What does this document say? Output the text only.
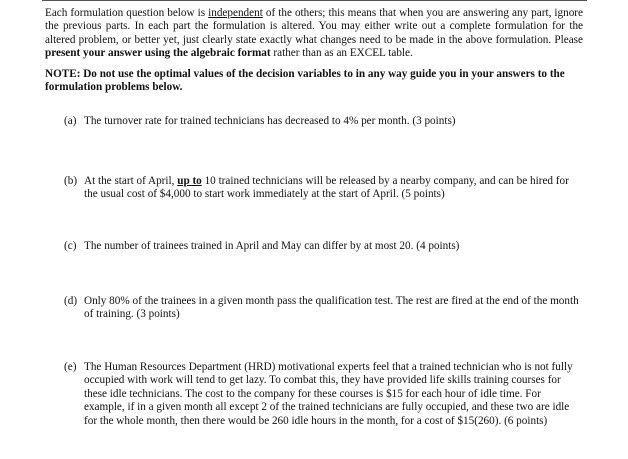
Each formulation question below is independent of the others; this means that when you are answering any part, ignore the previous parts. In each part the formulation is altered. You may either write out a complete formulation for the altered problem, or better yet, just clearly state exactly what changes need to be made in the above formulation. Please present your answer using the algebraic format rather than as an EXCEL table.
NOTE: Do not use the optimal values of the decision variables to in any way guide you in your answers to the formulation problems below.
(a) The turnover rate for trained technicians has decreased to 4% per month. (3 points)
(b) At the start of April, up to 10 trained technicians will be released by a nearby company, and can be hired for the usual cost of $4,000 to start work immediately at the start of April. (5 points)
(c) The number of trainees trained in April and May can differ by at most 20. (4 points)
(d) Only 80% of the trainees in a given month pass the qualification test. The rest are fired at the end of the month of training. (3 points)
(e) The Human Resources Department (HRD) motivational experts feel that a trained technician who is not fully occupied with work will tend to get lazy. To combat this, they have provided life skills training courses for these idle technicians. The cost to the company for these courses is $15 for each hour of idle time. For example, if in a given month all except 2 of the trained technicians are fully occupied, and these two are idle for the whole month, then there would be 260 idle hours in the month, for a cost of $15(260). (6 points)
